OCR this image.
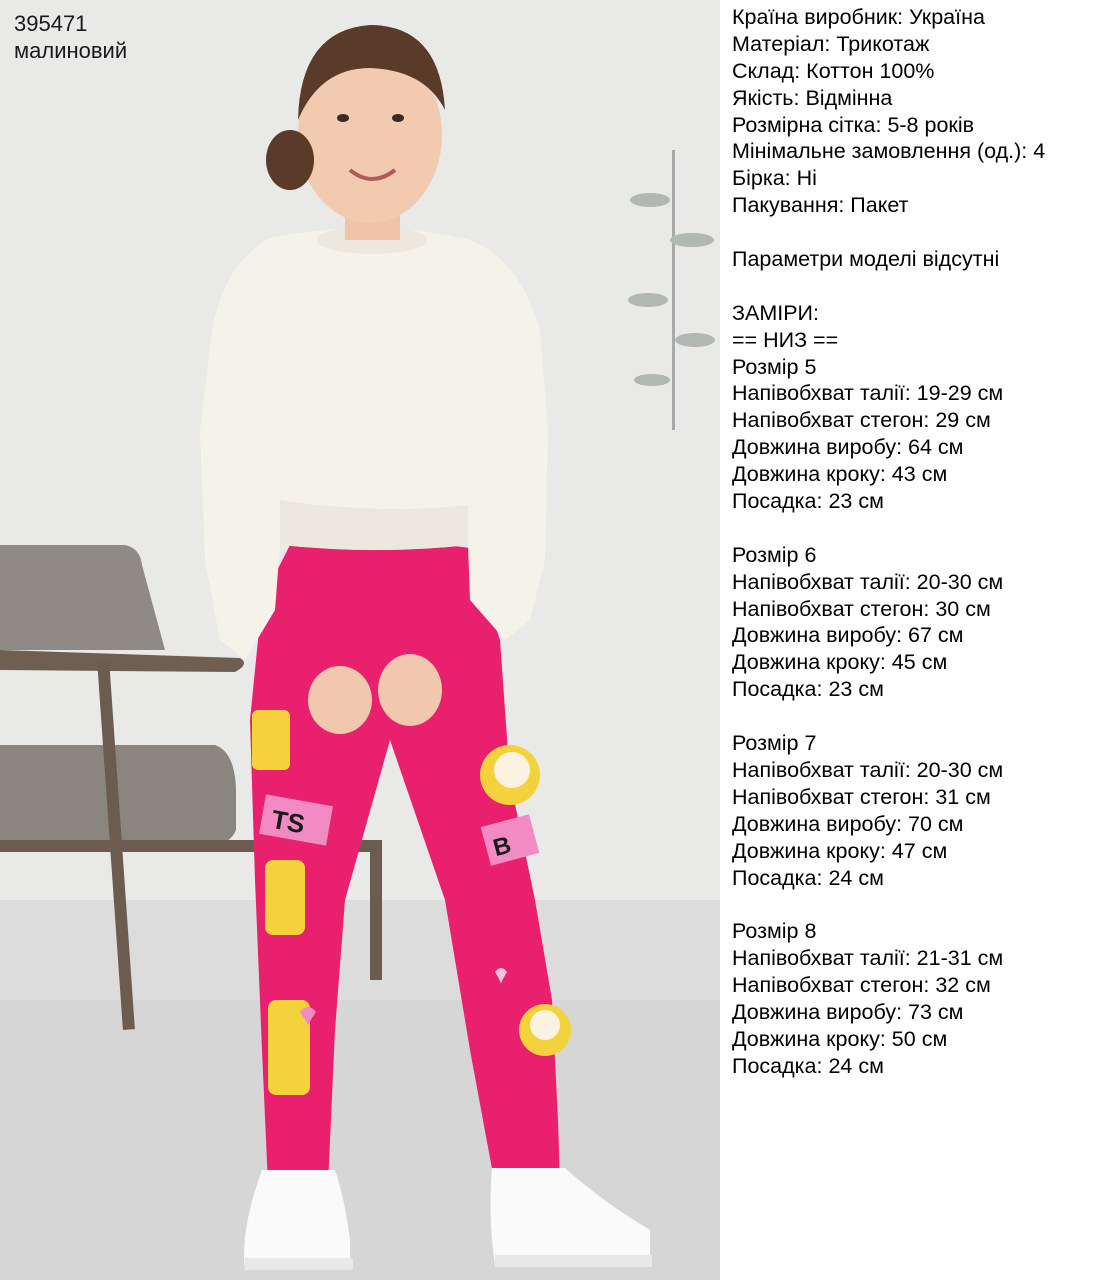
TS
B
395471
малиновий
Країна виробник: Україна
Матеріал: Трикотаж
Склад: Коттон 100%
Якість: Відмінна
Розмірна сітка: 5-8 років
Мінімальне замовлення (од.): 4
Бірка: Ні
Пакування: Пакет
Параметри моделі відсутні
ЗАМІРИ:
== НИЗ ==
Розмір 5
Напівобхват талії: 19-29 см
Напівобхват стегон: 29 см
Довжина виробу: 64 см
Довжина кроку: 43 см
Посадка: 23 см
Розмір 6
Напівобхват талії: 20-30 см
Напівобхват стегон: 30 см
Довжина виробу: 67 см
Довжина кроку: 45 см
Посадка: 23 см
Розмір 7
Напівобхват талії: 20-30 см
Напівобхват стегон: 31 см
Довжина виробу: 70 см
Довжина кроку: 47 см
Посадка: 24 см
Розмір 8
Напівобхват талії: 21-31 см
Напівобхват стегон: 32 см
Довжина виробу: 73 см
Довжина кроку: 50 см
Посадка: 24 см
